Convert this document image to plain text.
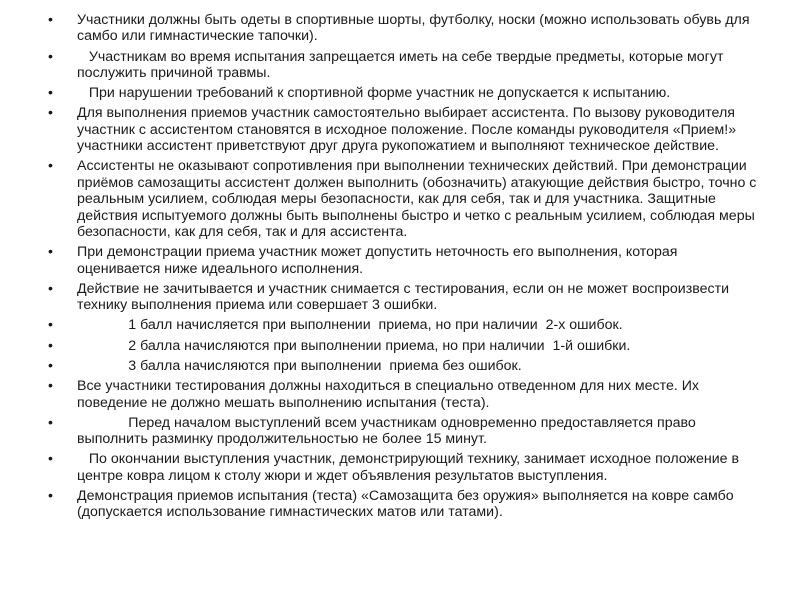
•	Участники должны быть одеты в спортивные шорты, футболку, носки (можно использовать обувь для самбо или гимнастические тапочки).
•	Участникам во время испытания запрещается иметь на себе твердые предметы, которые могут послужить причиной травмы.
•	При нарушении требований к спортивной форме участник не допускается к испытанию.
•	Для выполнения приемов участник самостоятельно выбирает ассистента. По вызову руководителя участник с ассистентом становятся в исходное положение. После команды руководителя «Прием!» участники ассистент приветствуют друг друга рукопожатием и выполняют техническое действие.
•	Ассистенты не оказывают сопротивления при выполнении технических действий. При демонстрации приёмов самозащиты ассистент должен выполнить (обозначить) атакующие действия быстро, точно с реальным усилием, соблюдая меры безопасности, как для себя, так и для участника. Защитные действия испытуемого должны быть выполнены быстро и четко с реальным усилием, соблюдая меры безопасности, как для себя, так и для ассистента.
•	При демонстрации приема участник может допустить неточность его выполнения, которая оценивается ниже идеального исполнения.
•	Действие не зачитывается и участник снимается с тестирования, если он не может воспроизвести технику выполнения приема или совершает 3 ошибки.
•	1 балл начисляется при выполнении  приема, но при наличии  2-х ошибок.
•	2 балла начисляются при выполнении приема, но при наличии  1-й ошибки.
•	3 балла начисляются при выполнении  приема без ошибок.
•	Все участники тестирования должны находиться в специально отведенном для них месте. Их поведение не должно мешать выполнению испытания (теста).
•	Перед началом выступлений всем участникам одновременно предоставляется право выполнить разминку продолжительностью не более 15 минут.
•	По окончании выступления участник, демонстрирующий технику, занимает исходное положение в центре ковра лицом к столу жюри и ждет объявления результатов выступления.
•	Демонстрация приемов испытания (теста) «Самозащита без оружия» выполняется на ковре самбо (допускается использование гимнастических матов или татами).
